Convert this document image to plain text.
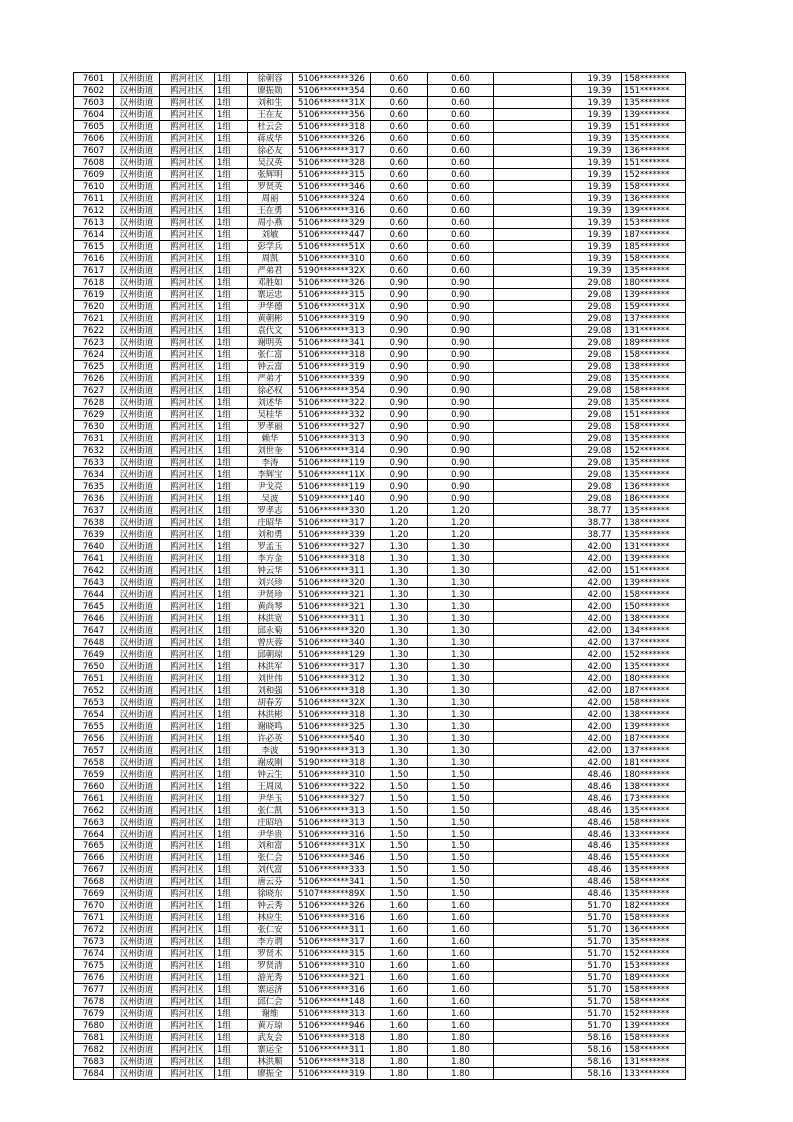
7601	汉州街道	鸥河社区	1组	徐朝容	5106*******326	0.60	0.60		19.39	158*******
7602	汉州街道	鸥河社区	1组	廖振勋	5106*******354	0.60	0.60		19.39	151*******
7603	汉州街道	鸥河社区	1组	刘和生	5106*******31X	0.60	0.60		19.39	135*******
7604	汉州街道	鸥河社区	1组	王在友	5106*******356	0.60	0.60		19.39	139*******
7605	汉州街道	鸥河社区	1组	杜云会	5106*******318	0.60	0.60		19.39	151*******
7606	汉州街道	鸥河社区	1组	蒋成华	5106*******326	0.60	0.60		19.39	135*******
7607	汉州街道	鸥河社区	1组	徐必友	5106*******317	0.60	0.60		19.39	136*******
7608	汉州街道	鸥河社区	1组	吴汉英	5106*******328	0.60	0.60		19.39	151*******
7609	汉州街道	鸥河社区	1组	张辉明	5106*******315	0.60	0.60		19.39	152*******
7610	汉州街道	鸥河社区	1组	罗贤英	5106*******346	0.60	0.60		19.39	158*******
7611	汉州街道	鸥河社区	1组	周丽	5106*******324	0.60	0.60		19.39	136*******
7612	汉州街道	鸥河社区	1组	王在勇	5106*******316	0.60	0.60		19.39	139*******
7613	汉州街道	鸥河社区	1组	周小燕	5106*******329	0.60	0.60		19.39	153*******
7614	汉州街道	鸥河社区	1组	刘敏	5106*******447	0.60	0.60		19.39	187*******
7615	汉州街道	鸥河社区	1组	彭学兵	5106*******51X	0.60	0.60		19.39	185*******
7616	汉州街道	鸥河社区	1组	周凯	5106*******310	0.60	0.60		19.39	158*******
7617	汉州街道	鸥河社区	1组	严弟君	5190*******32X	0.60	0.60		19.39	135*******
7618	汉州街道	鸥河社区	1组	邓胜如	5106*******326	0.90	0.90		29.08	180*******
7619	汉州街道	鸥河社区	1组	寨运忠	5106*******315	0.90	0.90		29.08	139*******
7620	汉州街道	鸥河社区	1组	尹华德	5106*******31X	0.90	0.90		29.08	159*******
7621	汉州街道	鸥河社区	1组	黄朝彬	5106*******319	0.90	0.90		29.08	137*******
7622	汉州街道	鸥河社区	1组	袁代文	5106*******313	0.90	0.90		29.08	131*******
7623	汉州街道	鸥河社区	1组	谢明英	5106*******341	0.90	0.90		29.08	189*******
7624	汉州街道	鸥河社区	1组	张仁富	5106*******318	0.90	0.90		29.08	158*******
7625	汉州街道	鸥河社区	1组	钟云富	5106*******319	0.90	0.90		29.08	138*******
7626	汉州街道	鸥河社区	1组	严弟才	5106*******339	0.90	0.90		29.08	135*******
7627	汉州街道	鸥河社区	1组	徐必权	5106*******354	0.90	0.90		29.08	158*******
7628	汉州街道	鸥河社区	1组	刘述华	5106*******322	0.90	0.90		29.08	135*******
7629	汉州街道	鸥河社区	1组	吴桂华	5106*******332	0.90	0.90		29.08	151*******
7630	汉州街道	鸥河社区	1组	罗孝丽	5106*******327	0.90	0.90		29.08	158*******
7631	汉州街道	鸥河社区	1组	赖华	5106*******313	0.90	0.90		29.08	135*******
7632	汉州街道	鸥河社区	1组	刘世奎	5106*******314	0.90	0.90		29.08	152*******
7633	汉州街道	鸥河社区	1组	李涛	5106*******119	0.90	0.90		29.08	135*******
7634	汉州街道	鸥河社区	1组	李辉宝	5106*******11X	0.90	0.90		29.08	135*******
7635	汉州街道	鸥河社区	1组	尹戈亮	5106*******119	0.90	0.90		29.08	136*******
7636	汉州街道	鸥河社区	1组	吴波	5109*******140	0.90	0.90		29.08	186*******
7637	汉州街道	鸥河社区	1组	罗孝志	5106*******330	1.20	1.20		38.77	135*******
7638	汉州街道	鸥河社区	1组	庄昭华	5106*******317	1.20	1.20		38.77	138*******
7639	汉州街道	鸥河社区	1组	刘和勇	5106*******339	1.20	1.20		38.77	135*******
7640	汉州街道	鸥河社区	1组	罗孟玉	5106*******327	1.30	1.30		42.00	131*******
7641	汉州街道	鸥河社区	1组	李方金	5106*******318	1.30	1.30		42.00	139*******
7642	汉州街道	鸥河社区	1组	钟云华	5106*******311	1.30	1.30		42.00	151*******
7643	汉州街道	鸥河社区	1组	刘兴珍	5106*******320	1.30	1.30		42.00	139*******
7644	汉州街道	鸥河社区	1组	尹贤珍	5106*******321	1.30	1.30		42.00	158*******
7645	汉州街道	鸥河社区	1组	黄尚琴	5106*******321	1.30	1.30		42.00	150*******
7646	汉州街道	鸥河社区	1组	林洪宽	5106*******311	1.30	1.30		42.00	138*******
7647	汉州街道	鸥河社区	1组	邱永菊	5106*******320	1.30	1.30		42.00	134*******
7648	汉州街道	鸥河社区	1组	曾庆蓉	5106*******340	1.30	1.30		42.00	137*******
7649	汉州街道	鸥河社区	1组	邱朝琼	5106*******129	1.30	1.30		42.00	152*******
7650	汉州街道	鸥河社区	1组	林洪军	5106*******317	1.30	1.30		42.00	135*******
7651	汉州街道	鸥河社区	1组	刘世伟	5106*******312	1.30	1.30		42.00	180*******
7652	汉州街道	鸥河社区	1组	刘和强	5106*******318	1.30	1.30		42.00	187*******
7653	汉州街道	鸥河社区	1组	胡春芳	5106*******32X	1.30	1.30		42.00	158*******
7654	汉州街道	鸥河社区	1组	林洪彬	5106*******318	1.30	1.30		42.00	138*******
7655	汉州街道	鸥河社区	1组	谢晓鸣	5106*******325	1.30	1.30		42.00	139*******
7656	汉州街道	鸥河社区	1组	许必英	5106*******540	1.30	1.30		42.00	187*******
7657	汉州街道	鸥河社区	1组	李波	5190*******313	1.30	1.30		42.00	137*******
7658	汉州街道	鸥河社区	1组	谢成刚	5190*******318	1.30	1.30		42.00	181*******
7659	汉州街道	鸥河社区	1组	钟云生	5106*******310	1.50	1.50		48.46	180*******
7660	汉州街道	鸥河社区	1组	王周凤	5106*******322	1.50	1.50		48.46	138*******
7661	汉州街道	鸥河社区	1组	尹华玉	5106*******327	1.50	1.50		48.46	173*******
7662	汉州街道	鸥河社区	1组	张仁凯	5106*******313	1.50	1.50		48.46	135*******
7663	汉州街道	鸥河社区	1组	庄昭培	5106*******313	1.50	1.50		48.46	158*******
7664	汉州街道	鸥河社区	1组	尹华贵	5106*******316	1.50	1.50		48.46	133*******
7665	汉州街道	鸥河社区	1组	刘和富	5106*******31X	1.50	1.50		48.46	135*******
7666	汉州街道	鸥河社区	1组	张仁会	5106*******346	1.50	1.50		48.46	155*******
7667	汉州街道	鸥河社区	1组	刘代富	5106*******333	1.50	1.50		48.46	135*******
7668	汉州街道	鸥河社区	1组	唐云芬	5106*******341	1.50	1.50		48.46	158*******
7669	汉州街道	鸥河社区	1组	徐晓东	5107*******89X	1.50	1.50		48.46	135*******
7670	汉州街道	鸥河社区	1组	钟云秀	5106*******326	1.60	1.60		51.70	182*******
7671	汉州街道	鸥河社区	1组	林应生	5106*******316	1.60	1.60		51.70	158*******
7672	汉州街道	鸥河社区	1组	张仁安	5106*******311	1.60	1.60		51.70	136*******
7673	汉州街道	鸥河社区	1组	李方谓	5106*******317	1.60	1.60		51.70	135*******
7674	汉州街道	鸥河社区	1组	罗贤木	5106*******315	1.60	1.60		51.70	152*******
7675	汉州街道	鸥河社区	1组	罗贤清	5106*******310	1.60	1.60		51.70	153*******
7676	汉州街道	鸥河社区	1组	游光秀	5106*******321	1.60	1.60		51.70	189*******
7677	汉州街道	鸥河社区	1组	寨运济	5106*******316	1.60	1.60		51.70	158*******
7678	汉州街道	鸥河社区	1组	邱仁会	5106*******148	1.60	1.60		51.70	158*******
7679	汉州街道	鸥河社区	1组	谢维	5106*******313	1.60	1.60		51.70	152*******
7680	汉州街道	鸥河社区	1组	黄万琼	5106*******946	1.60	1.60		51.70	139*******
7681	汉州街道	鸥河社区	1组	武友会	5106*******318	1.80	1.80		58.16	158*******
7682	汉州街道	鸥河社区	1组	寨运全	5106*******311	1.80	1.80		58.16	158*******
7683	汉州街道	鸥河社区	1组	林洪顺	5106*******318	1.80	1.80		58.16	131*******
7684	汉州街道	鸥河社区	1组	廖振全	5106*******319	1.80	1.80		58.16	133*******
